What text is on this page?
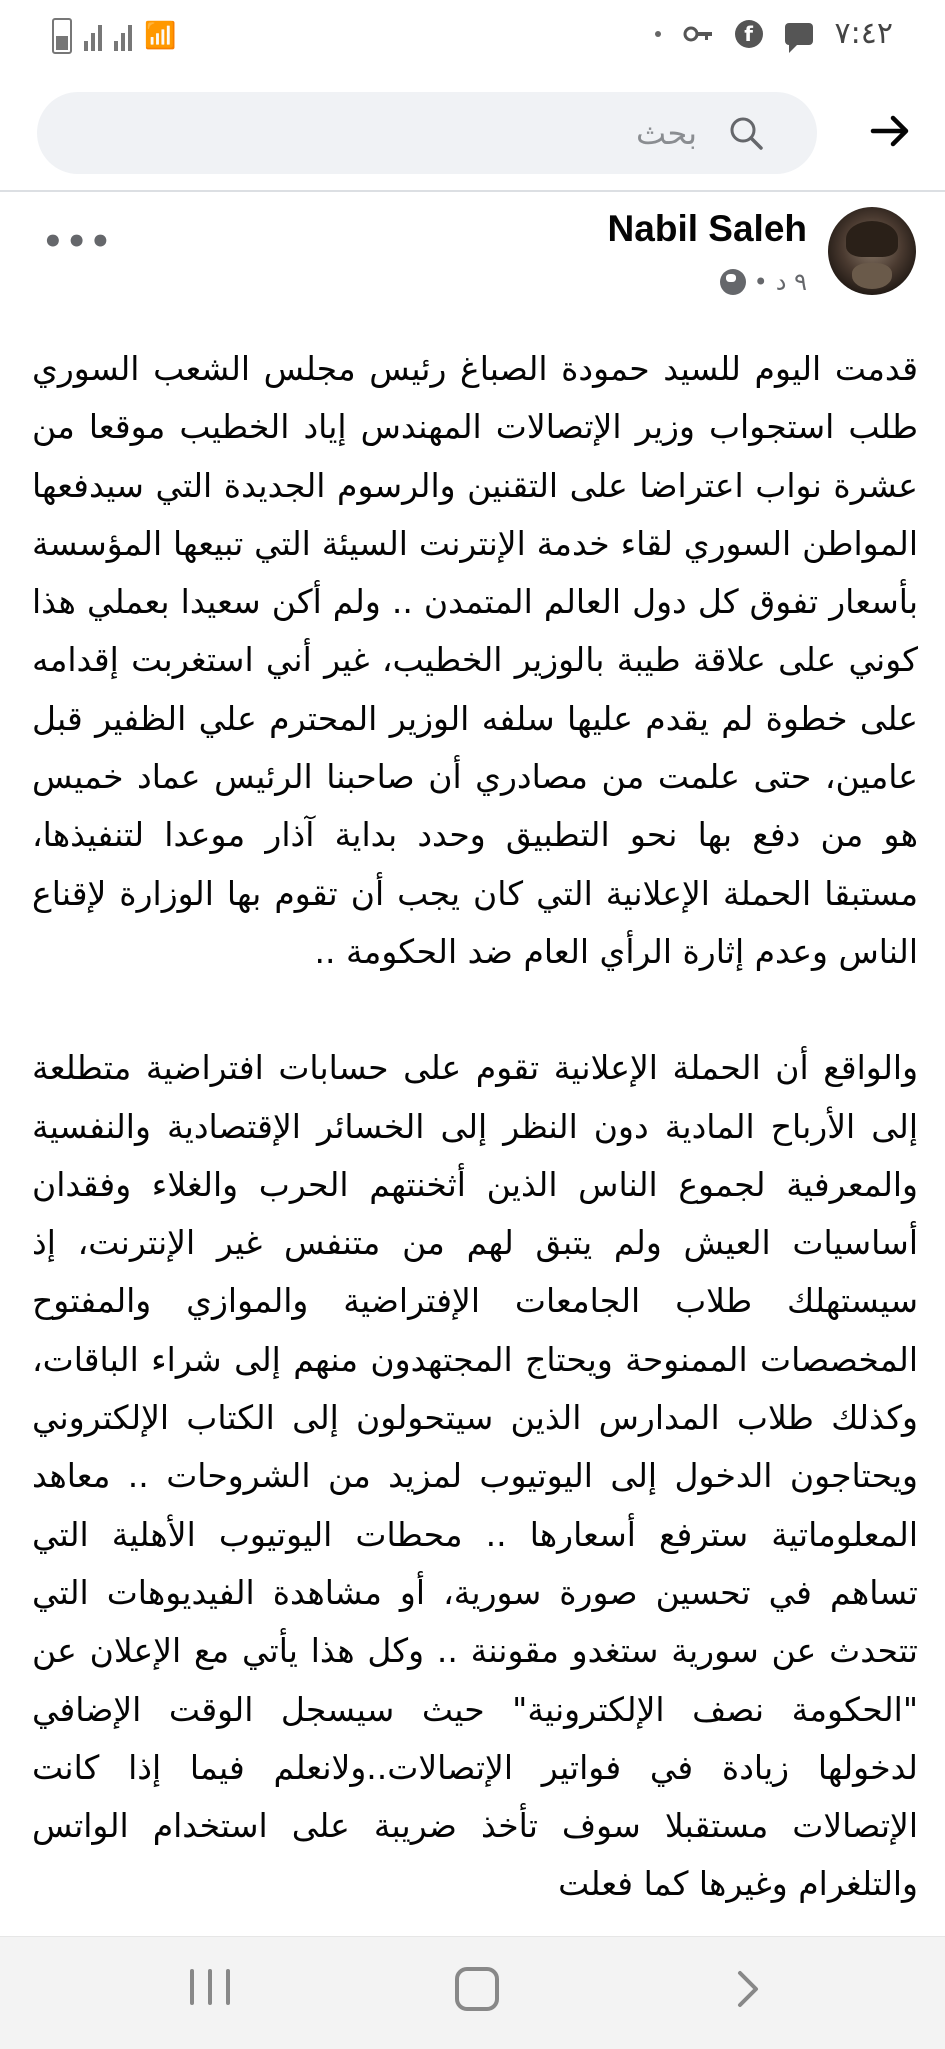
📶	f	٧:٤٢
بحث
Nabil Saleh
• ٩ د
•••

قدمت اليوم للسيد حمودة الصباغ رئيس مجلس الشعب السوري طلب استجواب وزير الإتصالات المهندس إياد الخطيب موقعا من عشرة نواب اعتراضا على التقنين والرسوم الجديدة التي سيدفعها المواطن السوري لقاء خدمة الإنترنت السيئة التي تبيعها المؤسسة بأسعار تفوق كل دول العالم المتمدن .. ولم أكن سعيدا بعملي هذا كوني على علاقة طيبة بالوزير الخطيب، غير أني استغربت إقدامه على خطوة لم يقدم عليها سلفه الوزير المحترم علي الظفير قبل عامين، حتى علمت من مصادري أن صاحبنا الرئيس عماد خميس هو من دفع بها نحو التطبيق وحدد بداية آذار موعدا لتنفيذها، مستبقا الحملة الإعلانية التي كان يجب أن تقوم بها الوزارة لإقناع الناس وعدم إثارة الرأي العام ضد الحكومة ..

والواقع أن الحملة الإعلانية تقوم على حسابات افتراضية متطلعة إلى الأرباح المادية دون النظر إلى الخسائر الإقتصادية والنفسية والمعرفية لجموع الناس الذين أثخنتهم الحرب والغلاء وفقدان أساسيات العيش ولم يتبق لهم من متنفس غير الإنترنت، إذ سيستهلك طلاب الجامعات الإفتراضية والموازي والمفتوح المخصصات الممنوحة ويحتاج المجتهدون منهم إلى شراء الباقات، وكذلك طلاب المدارس الذين سيتحولون إلى الكتاب الإلكتروني ويحتاجون الدخول إلى اليوتيوب لمزيد من الشروحات .. معاهد المعلوماتية سترفع أسعارها .. محطات اليوتيوب الأهلية التي تساهم في تحسين صورة سورية، أو مشاهدة الفيديوهات التي تتحدث عن سورية ستغدو مقوننة .. وكل هذا يأتي مع الإعلان عن "الحكومة نصف الإلكترونية" حيث سيسجل الوقت الإضافي لدخولها زيادة في فواتير الإتصالات..ولانعلم فيما إذا كانت الإتصالات مستقبلا سوف تأخذ ضريبة على استخدام الواتس والتلغرام وغيرها كما فعلت
